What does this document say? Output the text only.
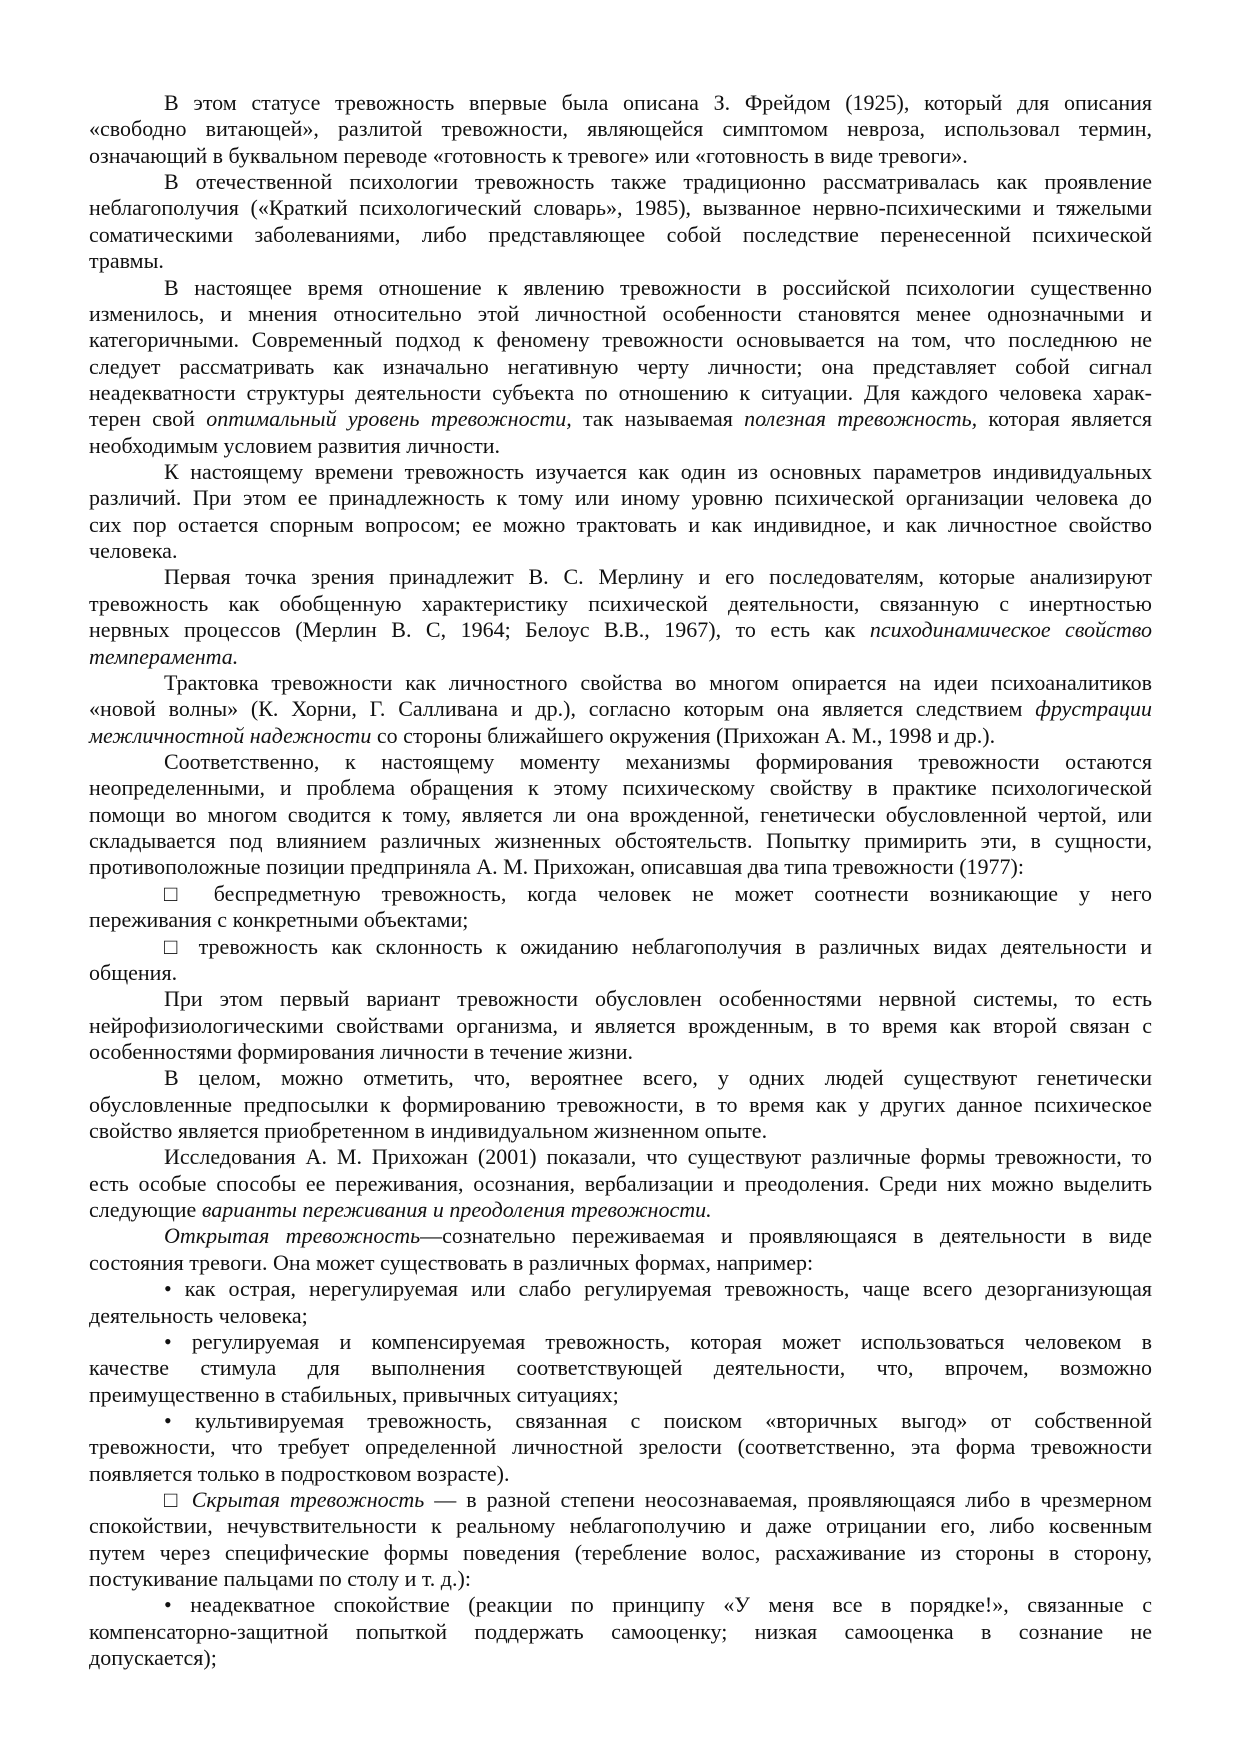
В этом статусе тревожность впервые была описана З. Фрейдом (1925), который для описания
«свободно витающей», разлитой тревожности, являющейся симптомом невроза, использовал термин,
означающий в буквальном переводе «готовность к тревоге» или «готовность в виде тревоги».
В отечественной психологии тревожность также традиционно рассматривалась как проявление
неблагополучия («Краткий психологический словарь», 1985), вызванное нервно-психическими и тяжелыми
соматическими заболеваниями, либо представляющее собой последствие перенесенной психической
травмы.
В настоящее время отношение к явлению тревожности в российской психологии существенно
изменилось, и мнения относительно этой личностной особенности становятся менее однозначными и
категоричными. Современный подход к феномену тревожности основывается на том, что последнюю не
следует рассматривать как изначально негативную черту личности; она представляет собой сигнал
неадекватности структуры деятельности субъекта по отношению к ситуации. Для каждого человека харак-
терен свой оптимальный уровень тревожности, так называемая полезная тревожность, которая является
необходимым условием развития личности.
К настоящему времени тревожность изучается как один из основных параметров индивидуальных
различий. При этом ее принадлежность к тому или иному уровню психической организации человека до
сих пор остается спорным вопросом; ее можно трактовать и как индивидное, и как личностное свойство
человека.
Первая точка зрения принадлежит В. С. Мерлину и его последователям, которые анализируют
тревожность как обобщенную характеристику психической деятельности, связанную с инертностью
нервных процессов (Мерлин В. С, 1964; Белоус В.В., 1967), то есть как психодинамическое свойство
темперамента.
Трактовка тревожности как личностного свойства во многом опирается на идеи психоаналитиков
«новой волны» (К. Хорни, Г. Салливана и др.), согласно которым она является следствием фрустрации
межличностной надежности со стороны ближайшего окружения (Прихожан А. М., 1998 и др.).
Соответственно, к настоящему моменту механизмы формирования тревожности остаются
неопределенными, и проблема обращения к этому психическому свойству в практике психологической
помощи во многом сводится к тому, является ли она врожденной, генетически обусловленной чертой, или
складывается под влиянием различных жизненных обстоятельств. Попытку примирить эти, в сущности,
противоположные позиции предприняла А. М. Прихожан, описавшая два типа тревожности (1977):
□ беспредметную тревожность, когда человек не может соотнести возникающие у него
переживания с конкретными объектами;
□ тревожность как склонность к ожиданию неблагополучия в различных видах деятельности и
общения.
При этом первый вариант тревожности обусловлен особенностями нервной системы, то есть
нейрофизиологическими свойствами организма, и является врожденным, в то время как второй связан с
особенностями формирования личности в течение жизни.
В целом, можно отметить, что, вероятнее всего, у одних людей существуют генетически
обусловленные предпосылки к формированию тревожности, в то время как у других данное психическое
свойство является приобретенном в индивидуальном жизненном опыте.
Исследования А. М. Прихожан (2001) показали, что существуют различные формы тревожности, то
есть особые способы ее переживания, осознания, вербализации и преодоления. Среди них можно выделить
следующие варианты переживания и преодоления тревожности.
Открытая тревожность—сознательно переживаемая и проявляющаяся в деятельности в виде
состояния тревоги. Она может существовать в различных формах, например:
• как острая, нерегулируемая или слабо регулируемая тревожность, чаще всего дезорганизующая
деятельность человека;
• регулируемая и компенсируемая тревожность, которая может использоваться человеком в
качестве стимула для выполнения соответствующей деятельности, что, впрочем, возможно
преимущественно в стабильных, привычных ситуациях;
• культивируемая тревожность, связанная с поиском «вторичных выгод» от собственной
тревожности, что требует определенной личностной зрелости (соответственно, эта форма тревожности
появляется только в подростковом возрасте).
□ Скрытая тревожность — в разной степени неосознаваемая, проявляющаяся либо в чрезмерном
спокойствии, нечувствительности к реальному неблагополучию и даже отрицании его, либо косвенным
путем через специфические формы поведения (теребление волос, расхаживание из стороны в сторону,
постукивание пальцами по столу и т. д.):
• неадекватное спокойствие (реакции по принципу «У меня все в порядке!», связанные с
компенсаторно-защитной попыткой поддержать самооценку; низкая самооценка в сознание не
допускается);
